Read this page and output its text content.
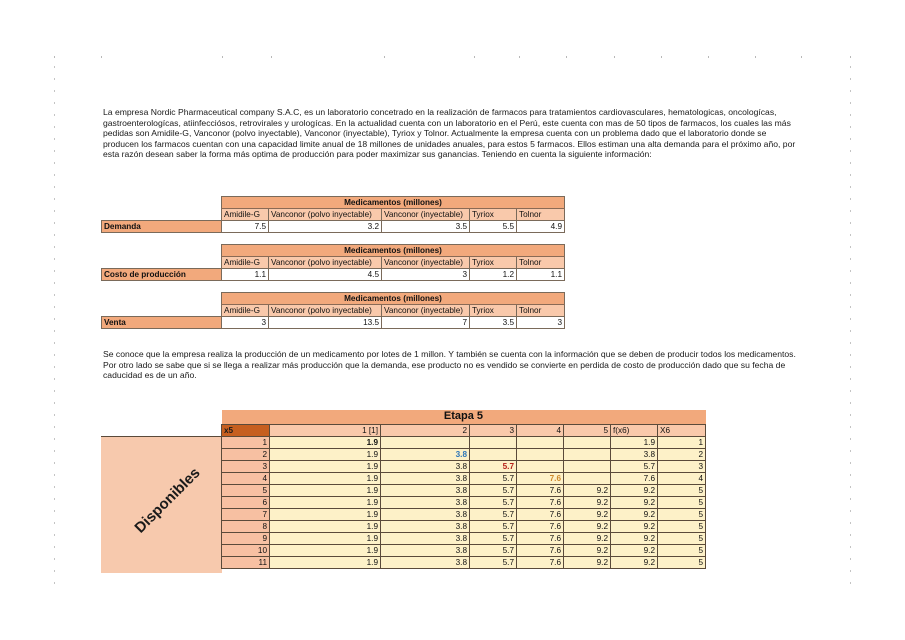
La empresa Nordic Pharmaceutical company S.A.C, es un laboratorio concetrado en la realización de farmacos para tratamientos cardiovasculares, hematologicas, oncologícas, gastroenterologícas, atiinfecciósos, retrovirales y urologícas. En la actualidad cuenta con un laboratorio en el Perú, este cuenta con mas de 50 tipos de farmacos, los cuales las más pedidas son Amidile-G, Vanconor (polvo inyectable), Vanconor (inyectable), Tyriox y Tolnor. Actualmente la empresa cuenta con un problema dado que el laboratorio donde se producen los farmacos cuentan con una capacidad limite anual de 18 millones de unidades anuales, para estos 5 farmacos. Ellos estiman una alta demanda para el próximo año, por esta razón desean saber la forma más optima de producción para poder maximizar sus ganancias. Teniendo en cuenta la siguiente información:

	Medicamentos (millones)				
	Amidile-G	Vanconor (polvo inyectable)	Vanconor (inyectable)	Tyriox	Tolnor
Demanda	7.5	3.2	3.5	5.5	4.9
	Medicamentos (millones)				
	Amidile-G	Vanconor (polvo inyectable)	Vanconor (inyectable)	Tyriox	Tolnor
Costo de producción	1.1	4.5	3	1.2	1.1
	Medicamentos (millones)				
	Amidile-G	Vanconor (polvo inyectable)	Vanconor (inyectable)	Tyriox	Tolnor
Venta	3	13.5	7	3.5	3

Se conoce que la empresa realiza la producción de un medicamento por lotes de 1 millon. Y también se cuenta con la información que se deben de producir todos los medicamentos. Por otro lado se sabe que si se llega a realizar más producción que la demanda, ese producto no es vendido se convierte en perdida de costo de producción dado que su fecha de caducidad es de un año.

Disponibles
Etapa 5							
x5	1 [1]	2	3	4	5	f(x6)	X6
1	1.9					1.9	1
2	1.9	3.8				3.8	2
3	1.9	3.8	5.7			5.7	3
4	1.9	3.8	5.7	7.6		7.6	4
5	1.9	3.8	5.7	7.6	9.2	9.2	5
6	1.9	3.8	5.7	7.6	9.2	9.2	5
7	1.9	3.8	5.7	7.6	9.2	9.2	5
8	1.9	3.8	5.7	7.6	9.2	9.2	5
9	1.9	3.8	5.7	7.6	9.2	9.2	5
10	1.9	3.8	5.7	7.6	9.2	9.2	5
11	1.9	3.8	5.7	7.6	9.2	9.2	5
